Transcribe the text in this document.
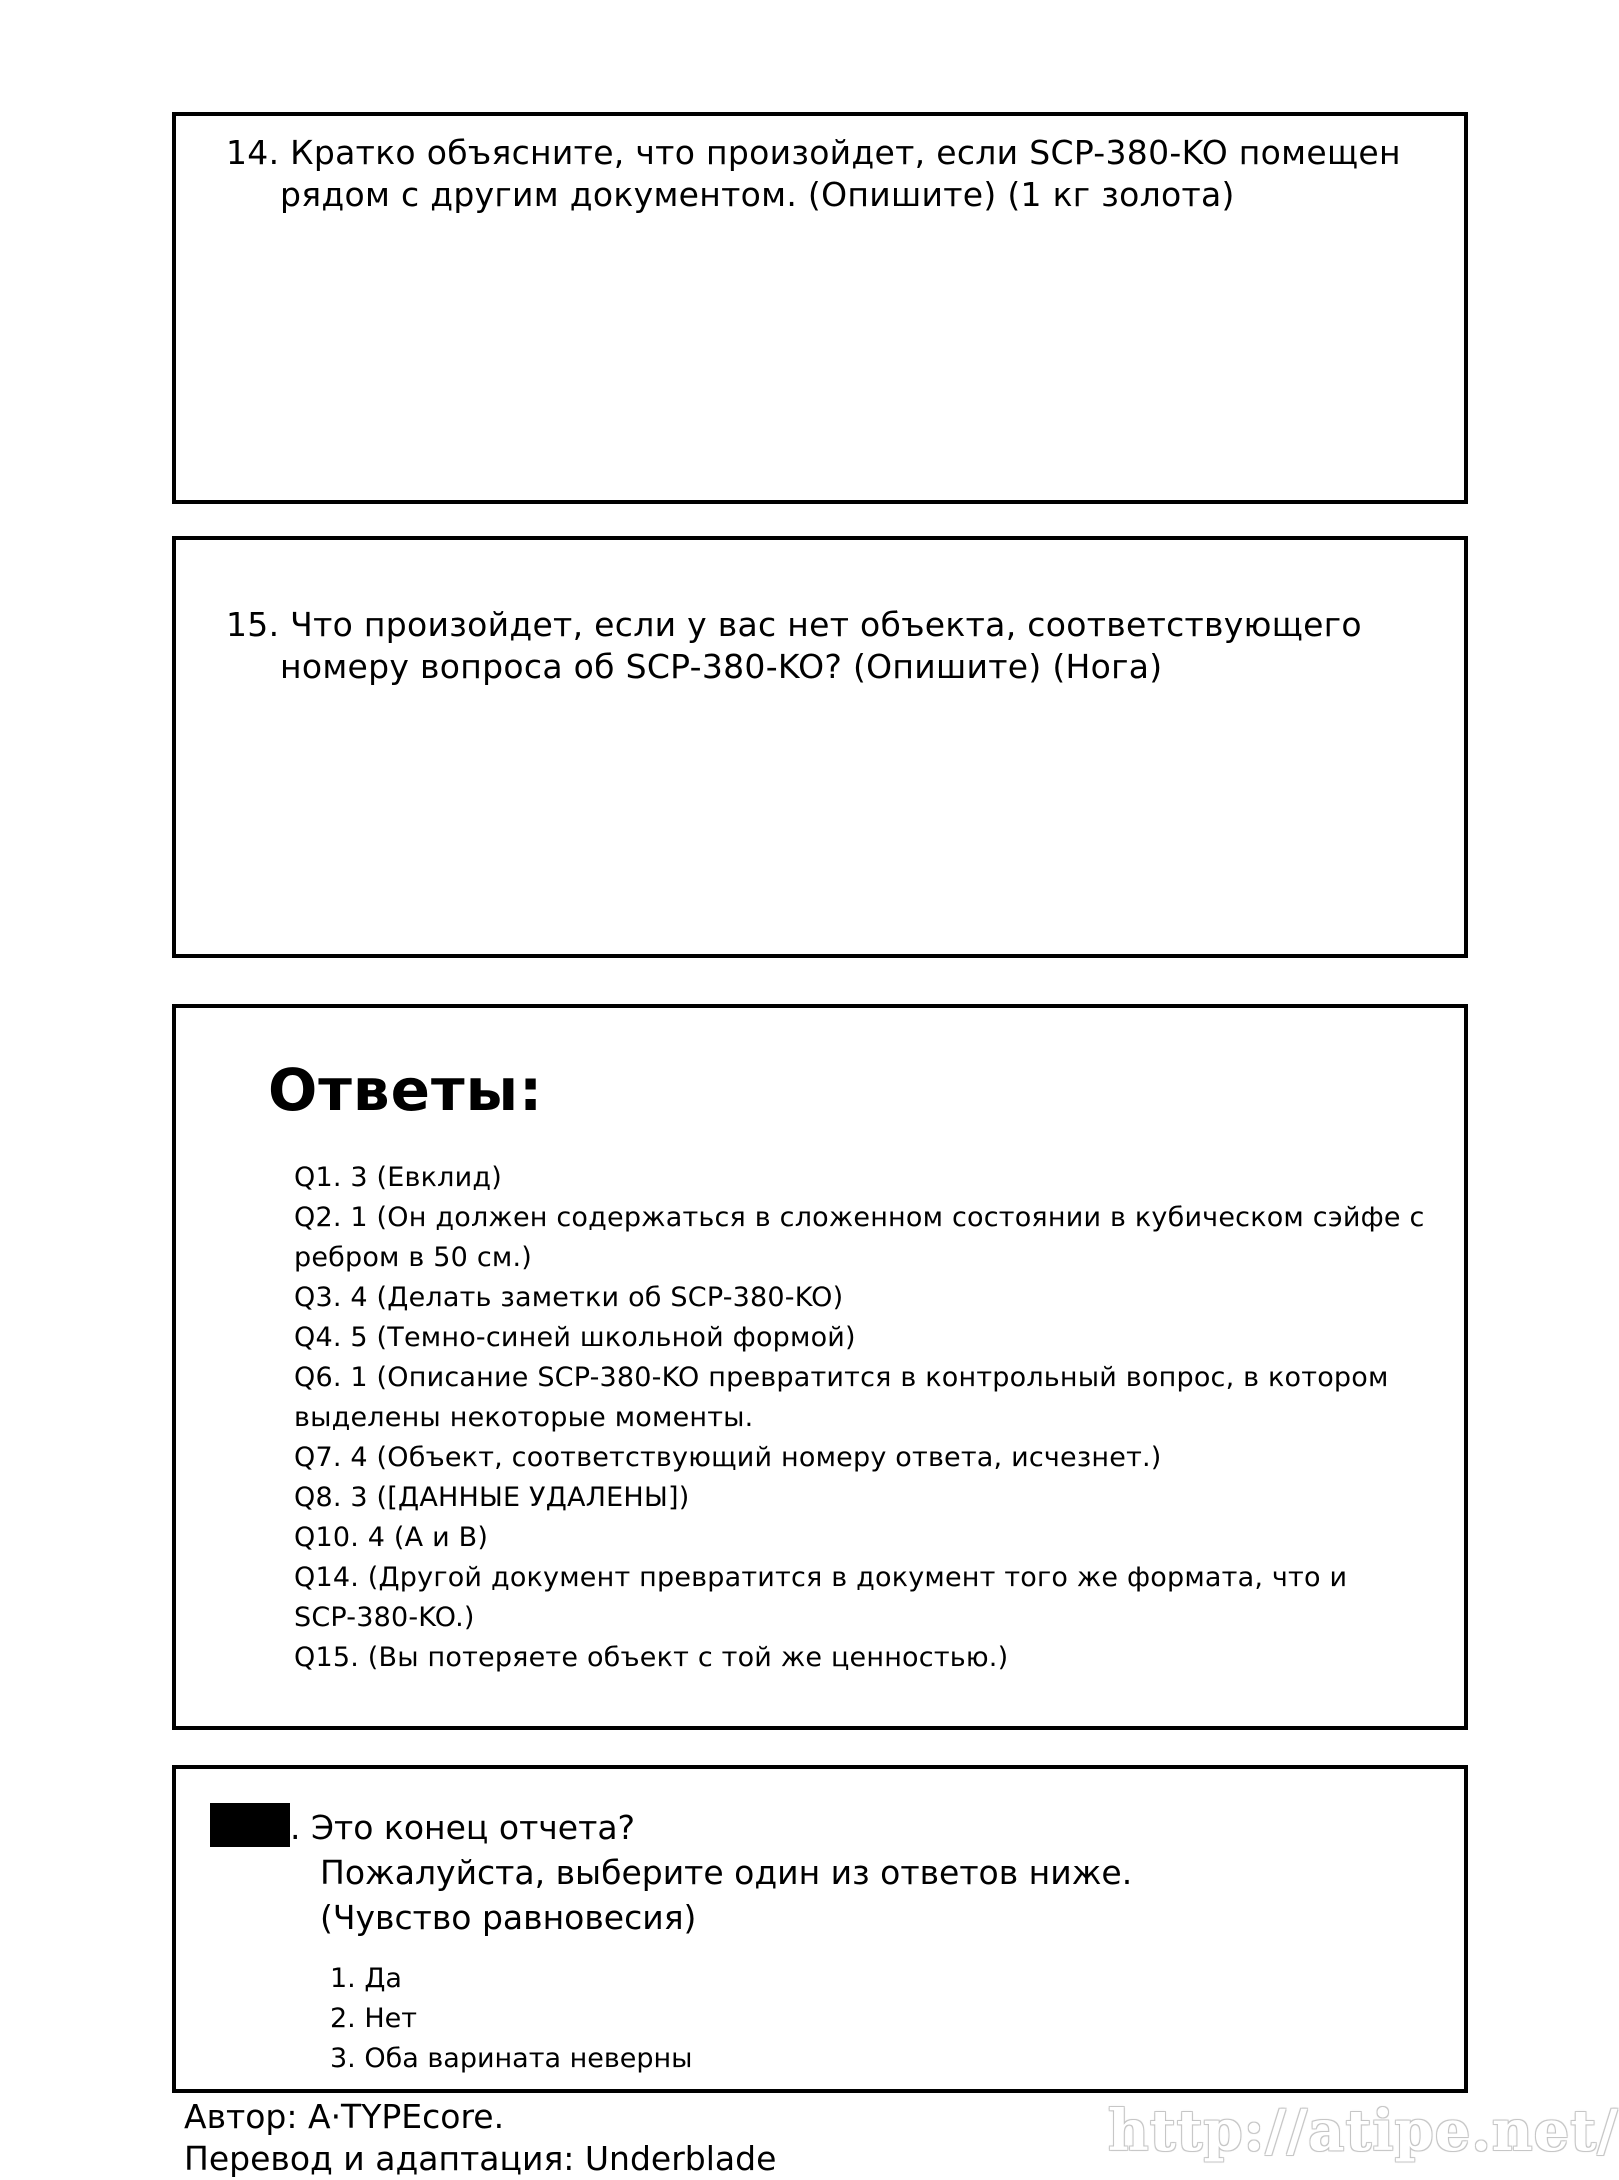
14. Кратко объясните, что произойдет, если SCP-380-KO помещен
рядом с другим документом. (Опишите) (1 кг золота)
15. Что произойдет, если у вас нет объекта, соответствующего
номеру вопроса об SCP-380-KO? (Опишите) (Нога)
Ответы:
Q1. 3 (Евклид)
Q2. 1 (Он должен содержаться в сложенном состоянии в кубическом сэйфе с
ребром в 50 см.)
Q3. 4 (Делать заметки об SCP-380-KO)
Q4. 5 (Темно-синей школьной формой)
Q6. 1 (Описание SCP-380-KO превратится в контрольный вопрос, в котором
выделены некоторые моменты.
Q7. 4 (Объект, соответствующий номеру ответа, исчезнет.)
Q8. 3 ([ДАННЫЕ УДАЛЕНЫ])
Q10. 4 (A и B)
Q14. (Другой документ превратится в документ того же формата, что и
SCP-380-KO.)
Q15. (Вы потеряете объект с той же ценностью.)
. Это конец отчета?
Пожалуйста, выберите один из ответов ниже.
(Чувство равновесия)
1. Да
2. Нет
3. Оба варината неверны
Автор: A·TYPEcore.
Перевод и адаптация: Underblade	http://atipe.net/
